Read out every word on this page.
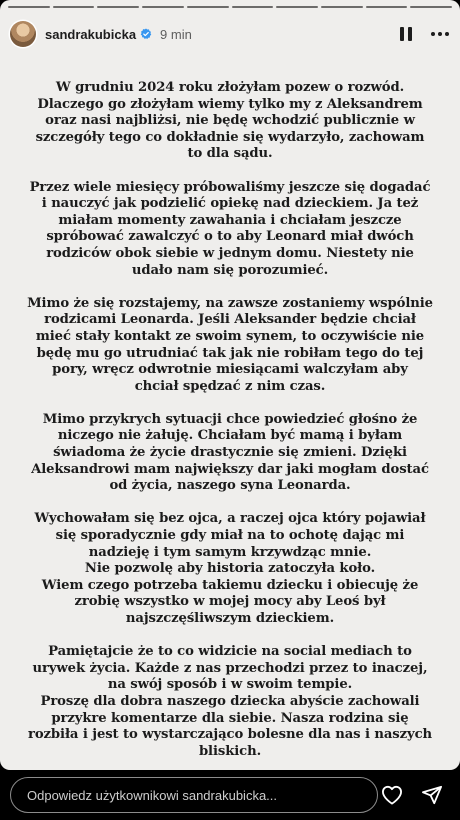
sandrakubicka 9 min

W grudniu 2024 roku złożyłam pozew o rozwód.
Dlaczego go złożyłam wiemy tylko my z Aleksandrem
oraz nasi najbliżsi, nie będę wchodzić publicznie w
szczegóły tego co dokładnie się wydarzyło, zachowam
to dla sądu.

Przez wiele miesięcy próbowaliśmy jeszcze się dogadać
i nauczyć jak podzielić opiekę nad dzieckiem. Ja też
miałam momenty zawahania i chciałam jeszcze
spróbować zawalczyć o to aby Leonard miał dwóch
rodziców obok siebie w jednym domu. Niestety nie
udało nam się porozumieć.

Mimo że się rozstajemy, na zawsze zostaniemy wspólnie
rodzicami Leonarda. Jeśli Aleksander będzie chciał
mieć stały kontakt ze swoim synem, to oczywiście nie
będę mu go utrudniać tak jak nie robiłam tego do tej
pory, wręcz odwrotnie miesiącami walczyłam aby
chciał spędzać z nim czas.

Mimo przykrych sytuacji chce powiedzieć głośno że
niczego nie żałuję. Chciałam być mamą i byłam
świadoma że życie drastycznie się zmieni. Dzięki
Aleksandrowi mam największy dar jaki mogłam dostać
od życia, naszego syna Leonarda.

Wychowałam się bez ojca, a raczej ojca który pojawiał
się sporadycznie gdy miał na to ochotę dając mi
nadzieję i tym samym krzywdząc mnie.
Nie pozwolę aby historia zatoczyła koło.
Wiem czego potrzeba takiemu dziecku i obiecuję że
zrobię wszystko w mojej mocy aby Leoś był
najszczęśliwszym dzieckiem.

Pamiętajcie że to co widzicie na social mediach to
urywek życia. Każde z nas przechodzi przez to inaczej,
na swój sposób i w swoim tempie.
Proszę dla dobra naszego dziecka abyście zachowali
przykre komentarze dla siebie. Nasza rodzina się
rozbiła i jest to wystarczająco bolesne dla nas i naszych
bliskich.

Odpowiedz użytkownikowi sandrakubicka...
